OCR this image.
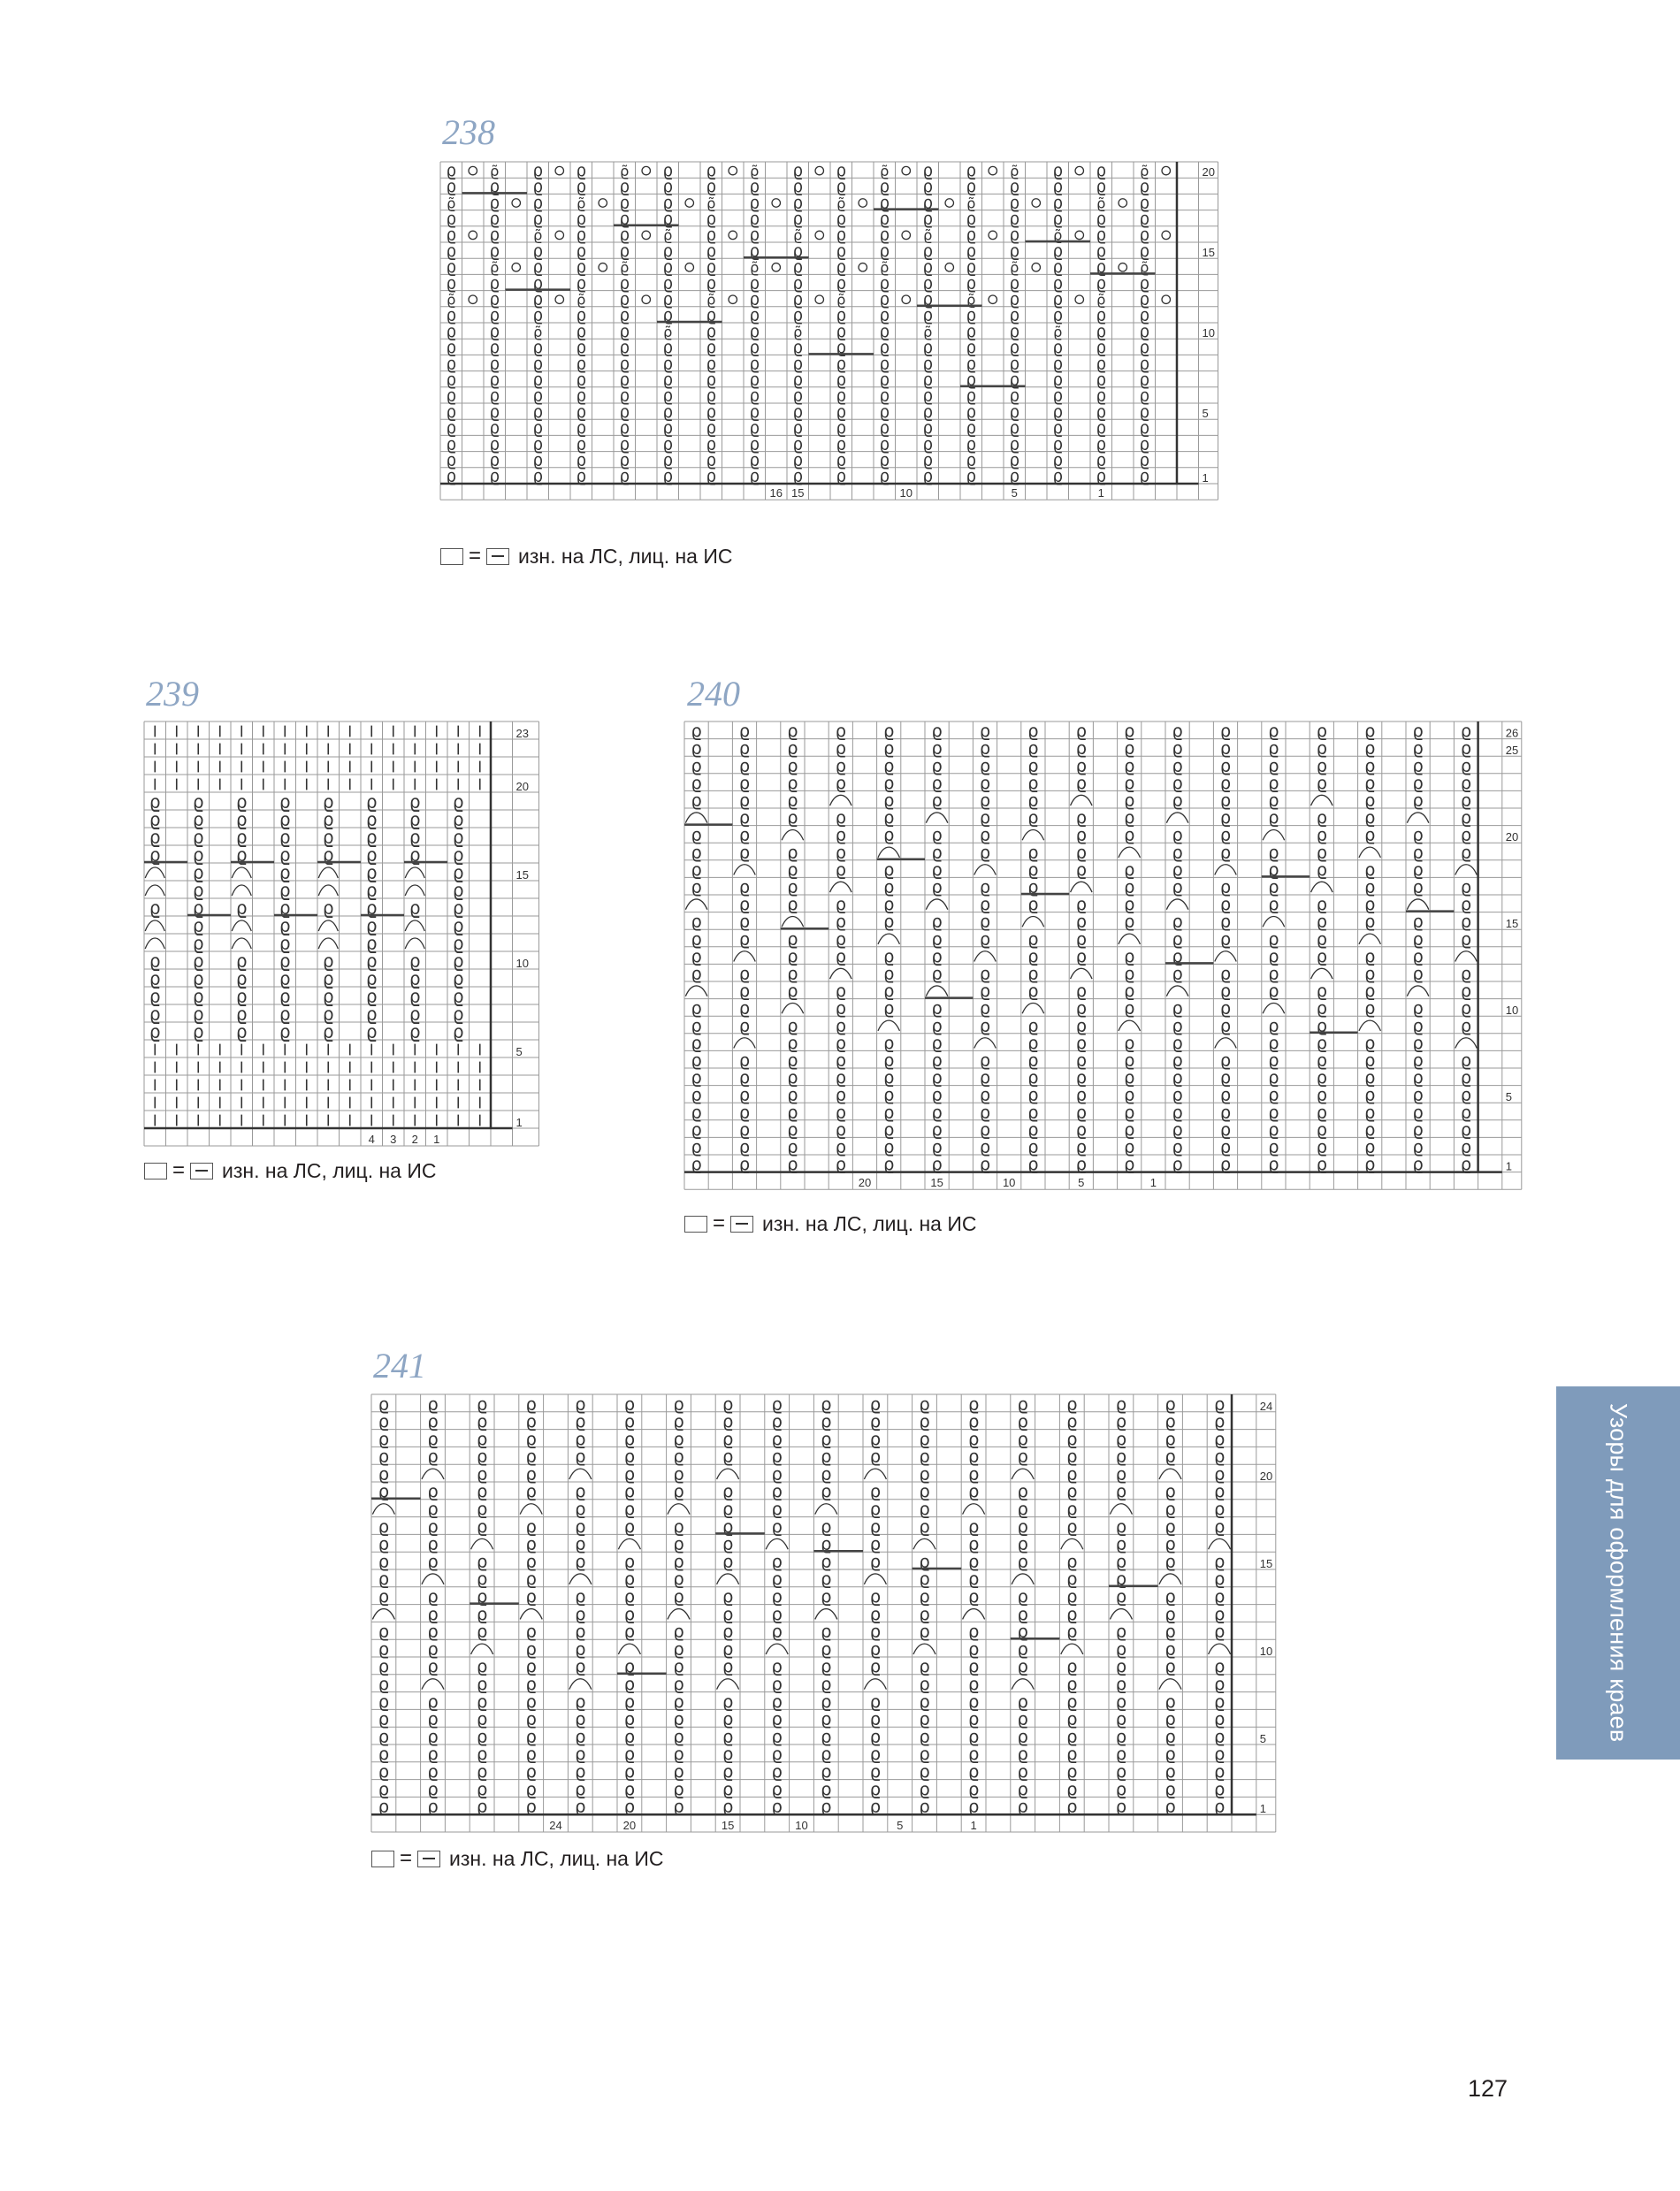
238
ϱ ϱ̃ ϱ ϱ ϱ̃ ϱ ϱ ϱ̃ ϱ ϱ ϱ̃ ϱ ϱ ϱ̃ ϱ ϱ ϱ̃
ϱ ϱ ϱ ϱ ϱ ϱ ϱ ϱ ϱ ϱ ϱ ϱ ϱ ϱ ϱ ϱ ϱ
ϱ̃ ϱ ϱ ϱ̃ ϱ ϱ ϱ̃ ϱ ϱ ϱ̃ ϱ ϱ ϱ̃ ϱ ϱ ϱ̃ ϱ
ϱ ϱ ϱ ϱ ϱ ϱ ϱ ϱ ϱ ϱ ϱ ϱ ϱ ϱ ϱ ϱ ϱ
ϱ ϱ ϱ̃ ϱ ϱ ϱ̃ ϱ ϱ ϱ̃ ϱ ϱ ϱ̃ ϱ ϱ ϱ̃ ϱ ϱ
ϱ ϱ ϱ ϱ ϱ ϱ ϱ ϱ ϱ ϱ ϱ ϱ ϱ ϱ ϱ ϱ ϱ
ϱ ϱ̃ ϱ ϱ ϱ̃ ϱ ϱ ϱ̃ ϱ ϱ ϱ̃ ϱ ϱ ϱ̃ ϱ ϱ ϱ̃
ϱ ϱ ϱ ϱ ϱ ϱ ϱ ϱ ϱ ϱ ϱ ϱ ϱ ϱ ϱ ϱ ϱ
ϱ̃ ϱ ϱ ϱ̃ ϱ ϱ ϱ̃ ϱ ϱ ϱ̃ ϱ ϱ ϱ̃ ϱ ϱ ϱ̃ ϱ
ϱ ϱ ϱ ϱ ϱ ϱ ϱ ϱ ϱ ϱ ϱ ϱ ϱ ϱ ϱ ϱ ϱ
ϱ ϱ ϱ̃ ϱ ϱ ϱ̃ ϱ ϱ ϱ̃ ϱ ϱ ϱ̃ ϱ ϱ ϱ̃ ϱ ϱ
ϱ ϱ ϱ ϱ ϱ ϱ ϱ ϱ ϱ ϱ ϱ ϱ ϱ ϱ ϱ ϱ ϱ
ϱ ϱ ϱ ϱ ϱ ϱ ϱ ϱ ϱ ϱ ϱ ϱ ϱ ϱ ϱ ϱ ϱ
ϱ ϱ ϱ ϱ ϱ ϱ ϱ ϱ ϱ ϱ ϱ ϱ ϱ ϱ ϱ ϱ ϱ
ϱ ϱ ϱ ϱ ϱ ϱ ϱ ϱ ϱ ϱ ϱ ϱ ϱ ϱ ϱ ϱ ϱ
ϱ ϱ ϱ ϱ ϱ ϱ ϱ ϱ ϱ ϱ ϱ ϱ ϱ ϱ ϱ ϱ ϱ
ϱ ϱ ϱ ϱ ϱ ϱ ϱ ϱ ϱ ϱ ϱ ϱ ϱ ϱ ϱ ϱ ϱ
ϱ ϱ ϱ ϱ ϱ ϱ ϱ ϱ ϱ ϱ ϱ ϱ ϱ ϱ ϱ ϱ ϱ
ϱ ϱ ϱ ϱ ϱ ϱ ϱ ϱ ϱ ϱ ϱ ϱ ϱ ϱ ϱ ϱ ϱ
ϱ ϱ ϱ ϱ ϱ ϱ ϱ ϱ ϱ ϱ ϱ ϱ ϱ ϱ ϱ ϱ ϱ
20
15
10
5
1
16 15	10	5	1
= изн. на ЛС, лиц. на ИС
239
ϱ ϱ ϱ ϱ ϱ ϱ ϱ ϱ
ϱ ϱ ϱ ϱ ϱ ϱ ϱ ϱ
ϱ ϱ ϱ ϱ ϱ ϱ ϱ ϱ
ϱ ϱ ϱ ϱ ϱ ϱ ϱ ϱ
ϱ	ϱ	ϱ	ϱ
ϱ	ϱ	ϱ	ϱ
ϱ ϱ ϱ ϱ ϱ ϱ ϱ ϱ
ϱ	ϱ	ϱ	ϱ
ϱ	ϱ	ϱ	ϱ
ϱ ϱ ϱ ϱ ϱ ϱ ϱ ϱ
ϱ ϱ ϱ ϱ ϱ ϱ ϱ ϱ
ϱ ϱ ϱ ϱ ϱ ϱ ϱ ϱ
ϱ ϱ ϱ ϱ ϱ ϱ ϱ ϱ
ϱ ϱ ϱ ϱ ϱ ϱ ϱ ϱ
23
20
15
10
5
1
4 3 2 1
= изн. на ЛС, лиц. на ИС
240
ϱ ϱ ϱ ϱ ϱ ϱ ϱ ϱ ϱ ϱ ϱ ϱ ϱ ϱ ϱ ϱ ϱ
ϱ ϱ ϱ ϱ ϱ ϱ ϱ ϱ ϱ ϱ ϱ ϱ ϱ ϱ ϱ ϱ ϱ
ϱ ϱ ϱ ϱ ϱ ϱ ϱ ϱ ϱ ϱ ϱ ϱ ϱ ϱ ϱ ϱ ϱ
ϱ ϱ ϱ ϱ ϱ ϱ ϱ ϱ ϱ ϱ ϱ ϱ ϱ ϱ ϱ ϱ ϱ
ϱ ϱ ϱ	ϱ ϱ ϱ ϱ	ϱ ϱ ϱ ϱ	ϱ ϱ ϱ
ϱ ϱ ϱ ϱ	ϱ ϱ ϱ ϱ	ϱ ϱ ϱ ϱ	ϱ
ϱ ϱ	ϱ ϱ ϱ ϱ	ϱ ϱ ϱ ϱ	ϱ ϱ ϱ ϱ
ϱ ϱ ϱ ϱ	ϱ ϱ ϱ ϱ	ϱ ϱ ϱ ϱ	ϱ ϱ
ϱ	ϱ ϱ ϱ ϱ	ϱ ϱ ϱ ϱ	ϱ ϱ ϱ ϱ
ϱ ϱ ϱ	ϱ ϱ ϱ ϱ	ϱ ϱ ϱ ϱ	ϱ ϱ ϱ
ϱ ϱ ϱ ϱ	ϱ ϱ ϱ ϱ	ϱ ϱ ϱ ϱ	ϱ
ϱ ϱ	ϱ ϱ ϱ ϱ	ϱ ϱ ϱ ϱ	ϱ ϱ ϱ ϱ
ϱ ϱ ϱ ϱ	ϱ ϱ ϱ ϱ	ϱ ϱ ϱ ϱ	ϱ ϱ
ϱ	ϱ ϱ ϱ ϱ	ϱ ϱ ϱ ϱ	ϱ ϱ ϱ ϱ
ϱ ϱ ϱ	ϱ ϱ ϱ ϱ	ϱ ϱ ϱ ϱ	ϱ ϱ ϱ
ϱ ϱ ϱ ϱ	ϱ ϱ ϱ ϱ	ϱ ϱ ϱ ϱ	ϱ
ϱ ϱ	ϱ ϱ ϱ ϱ	ϱ ϱ ϱ ϱ	ϱ ϱ ϱ ϱ
ϱ ϱ ϱ ϱ	ϱ ϱ ϱ ϱ	ϱ ϱ ϱ ϱ	ϱ ϱ
ϱ	ϱ ϱ ϱ ϱ	ϱ ϱ ϱ ϱ	ϱ ϱ ϱ ϱ
ϱ ϱ ϱ ϱ ϱ ϱ ϱ ϱ ϱ ϱ ϱ ϱ ϱ ϱ ϱ ϱ ϱ
ϱ ϱ ϱ ϱ ϱ ϱ ϱ ϱ ϱ ϱ ϱ ϱ ϱ ϱ ϱ ϱ ϱ
ϱ ϱ ϱ ϱ ϱ ϱ ϱ ϱ ϱ ϱ ϱ ϱ ϱ ϱ ϱ ϱ ϱ
ϱ ϱ ϱ ϱ ϱ ϱ ϱ ϱ ϱ ϱ ϱ ϱ ϱ ϱ ϱ ϱ ϱ
ϱ ϱ ϱ ϱ ϱ ϱ ϱ ϱ ϱ ϱ ϱ ϱ ϱ ϱ ϱ ϱ ϱ
ϱ ϱ ϱ ϱ ϱ ϱ ϱ ϱ ϱ ϱ ϱ ϱ ϱ ϱ ϱ ϱ ϱ
ϱ ϱ ϱ ϱ ϱ ϱ ϱ ϱ ϱ ϱ ϱ ϱ ϱ ϱ ϱ ϱ ϱ
26
25
20
15
10
5
1
20	15	10	5	1
= изн. на ЛС, лиц. на ИС
241
ϱ ϱ ϱ ϱ ϱ ϱ ϱ ϱ ϱ ϱ ϱ ϱ ϱ ϱ ϱ ϱ ϱ ϱ
ϱ ϱ ϱ ϱ ϱ ϱ ϱ ϱ ϱ ϱ ϱ ϱ ϱ ϱ ϱ ϱ ϱ ϱ
ϱ ϱ ϱ ϱ ϱ ϱ ϱ ϱ ϱ ϱ ϱ ϱ ϱ ϱ ϱ ϱ ϱ ϱ
ϱ ϱ ϱ ϱ ϱ ϱ ϱ ϱ ϱ ϱ ϱ ϱ ϱ ϱ ϱ ϱ ϱ ϱ
ϱ	ϱ ϱ	ϱ ϱ	ϱ ϱ	ϱ ϱ	ϱ ϱ	ϱ
ϱ ϱ ϱ ϱ ϱ ϱ ϱ ϱ ϱ ϱ ϱ ϱ ϱ ϱ ϱ ϱ ϱ ϱ
ϱ ϱ	ϱ ϱ	ϱ ϱ	ϱ ϱ	ϱ ϱ	ϱ ϱ
ϱ ϱ ϱ ϱ ϱ ϱ ϱ ϱ ϱ ϱ ϱ ϱ ϱ ϱ ϱ ϱ ϱ ϱ
ϱ ϱ	ϱ ϱ	ϱ ϱ	ϱ ϱ	ϱ ϱ	ϱ ϱ
ϱ ϱ ϱ ϱ ϱ ϱ ϱ ϱ ϱ ϱ ϱ ϱ ϱ ϱ ϱ ϱ ϱ ϱ
ϱ	ϱ ϱ	ϱ ϱ	ϱ ϱ	ϱ ϱ	ϱ ϱ	ϱ
ϱ ϱ ϱ ϱ ϱ ϱ ϱ ϱ ϱ ϱ ϱ ϱ ϱ ϱ ϱ ϱ ϱ ϱ
ϱ ϱ	ϱ ϱ	ϱ ϱ	ϱ ϱ	ϱ ϱ	ϱ ϱ
ϱ ϱ ϱ ϱ ϱ ϱ ϱ ϱ ϱ ϱ ϱ ϱ ϱ ϱ ϱ ϱ ϱ ϱ
ϱ ϱ	ϱ ϱ	ϱ ϱ	ϱ ϱ	ϱ ϱ	ϱ ϱ
ϱ ϱ ϱ ϱ ϱ ϱ ϱ ϱ ϱ ϱ ϱ ϱ ϱ ϱ ϱ ϱ ϱ ϱ
ϱ	ϱ ϱ	ϱ ϱ	ϱ ϱ	ϱ ϱ	ϱ ϱ	ϱ
ϱ ϱ ϱ ϱ ϱ ϱ ϱ ϱ ϱ ϱ ϱ ϱ ϱ ϱ ϱ ϱ ϱ ϱ
ϱ ϱ ϱ ϱ ϱ ϱ ϱ ϱ ϱ ϱ ϱ ϱ ϱ ϱ ϱ ϱ ϱ ϱ
ϱ ϱ ϱ ϱ ϱ ϱ ϱ ϱ ϱ ϱ ϱ ϱ ϱ ϱ ϱ ϱ ϱ ϱ
ϱ ϱ ϱ ϱ ϱ ϱ ϱ ϱ ϱ ϱ ϱ ϱ ϱ ϱ ϱ ϱ ϱ ϱ
ϱ ϱ ϱ ϱ ϱ ϱ ϱ ϱ ϱ ϱ ϱ ϱ ϱ ϱ ϱ ϱ ϱ ϱ
ϱ ϱ ϱ ϱ ϱ ϱ ϱ ϱ ϱ ϱ ϱ ϱ ϱ ϱ ϱ ϱ ϱ ϱ
ϱ ϱ ϱ ϱ ϱ ϱ ϱ ϱ ϱ ϱ ϱ ϱ ϱ ϱ ϱ ϱ ϱ ϱ
24
20
15
10
5
1
24	20	15	10	5	1
= изн. на ЛС, лиц. на ИС
Узоры для оформления краев
127
